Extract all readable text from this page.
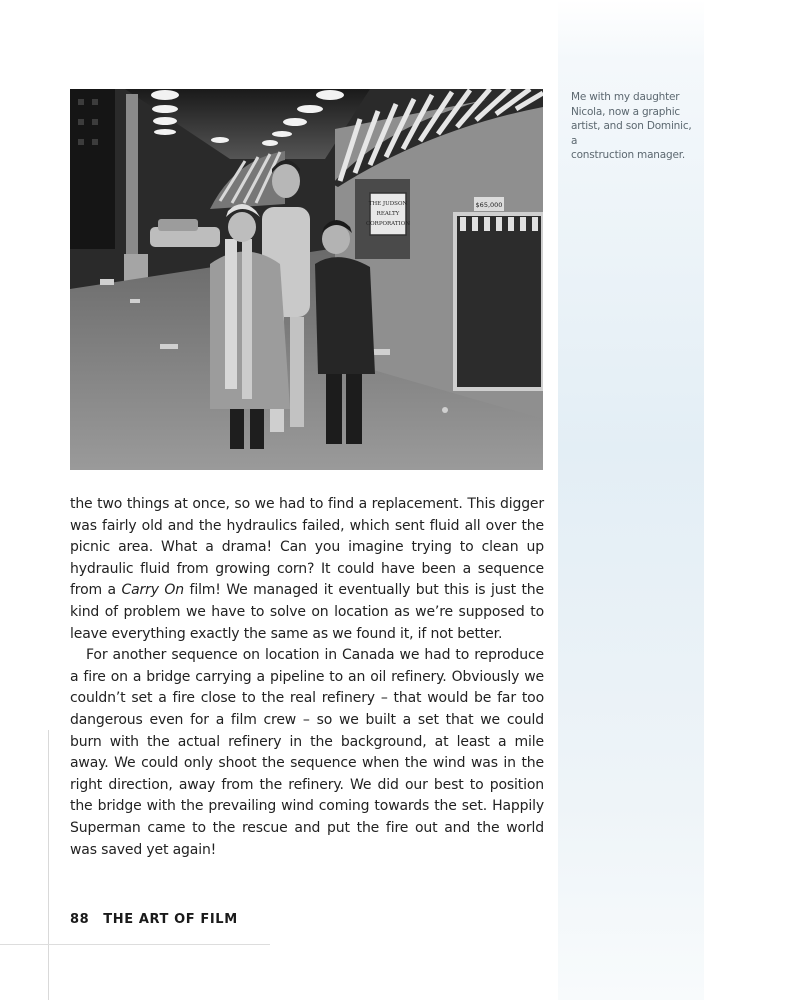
Me with my daughter
Nicola, now a graphic
artist, and son Dominic, a
construction manager.
THE JUDSON
REALTY
CORPORATION
$65,000

the two things at once, so we had to find a replacement. This digger was fairly old and the hydraulics failed, which sent fluid all over the picnic area. What a drama! Can you imagine trying to clean up hydraulic fluid from growing corn? It could have been a sequence from a Carry On film! We managed it eventually but this is just the kind of problem we have to solve on location as we’re supposed to leave everything exactly the same as we found it, if not better.

For another sequence on location in Canada we had to reproduce a fire on a bridge carrying a pipeline to an oil refinery. Obviously we couldn’t set a fire close to the real refinery – that would be far too dangerous even for a film crew – so we built a set that we could burn with the actual refinery in the background, at least a mile away. We could only shoot the sequence when the wind was in the right direction, away from the refinery. We did our best to position the bridge with the prevailing wind coming towards the set. Happily Superman came to the rescue and put the fire out and the world was saved yet again!

88 THE ART OF FILM
